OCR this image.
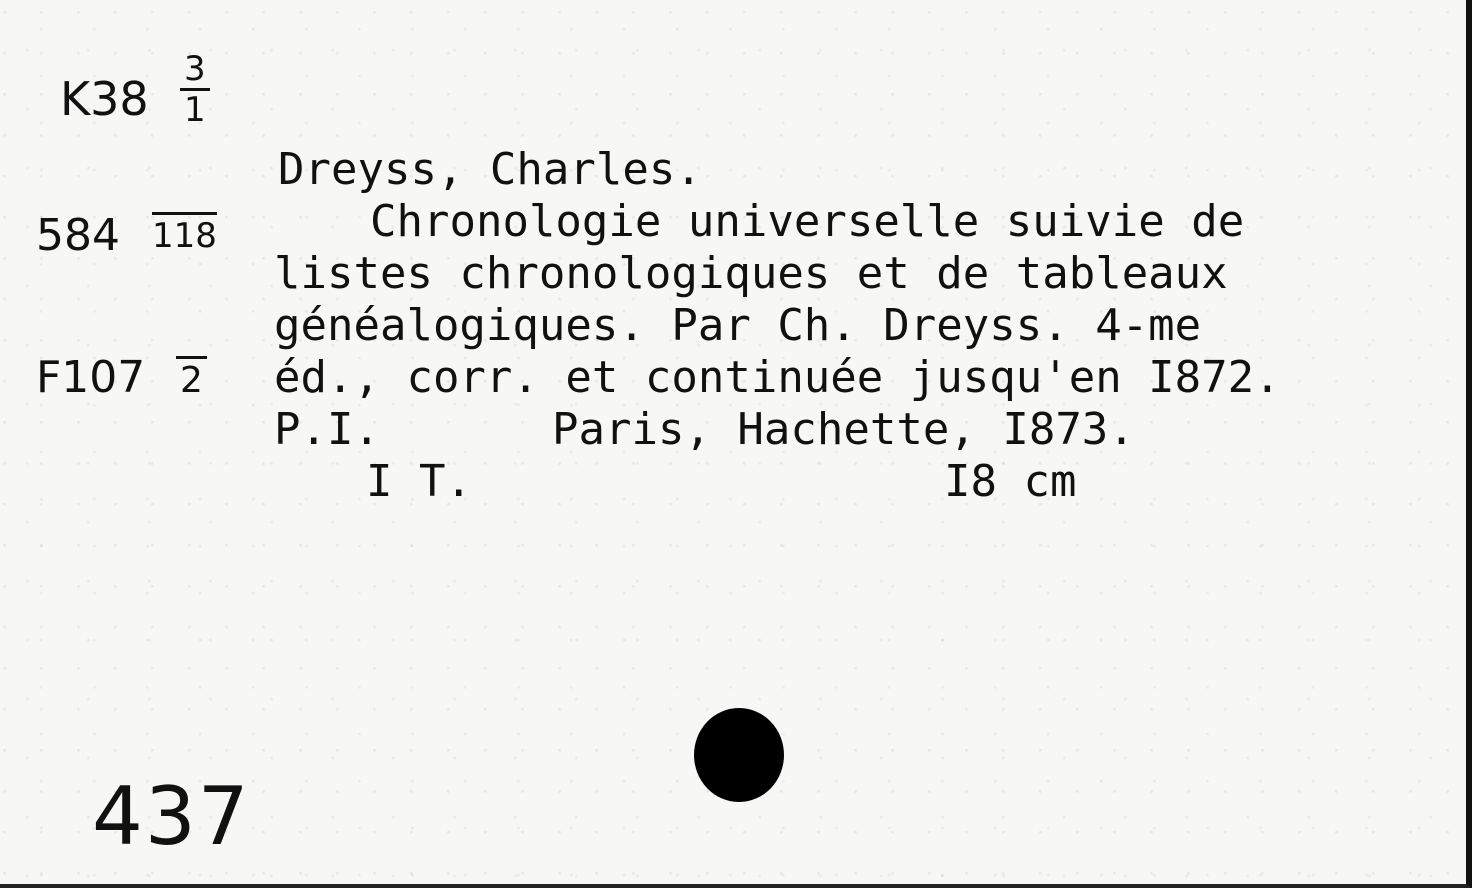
$K38 \frac{3}{1}$
584 118
F107 2
437
Dreyss, Charles.
Chronologie universelle suivie de
listes chronologiques et de tableaux
généalogiques. Par Ch. Dreyss. 4-me
éd., corr. et continuée jusqu'en I872.
P.I.	Paris, Hachette, I873.
I T.	I8 cm
